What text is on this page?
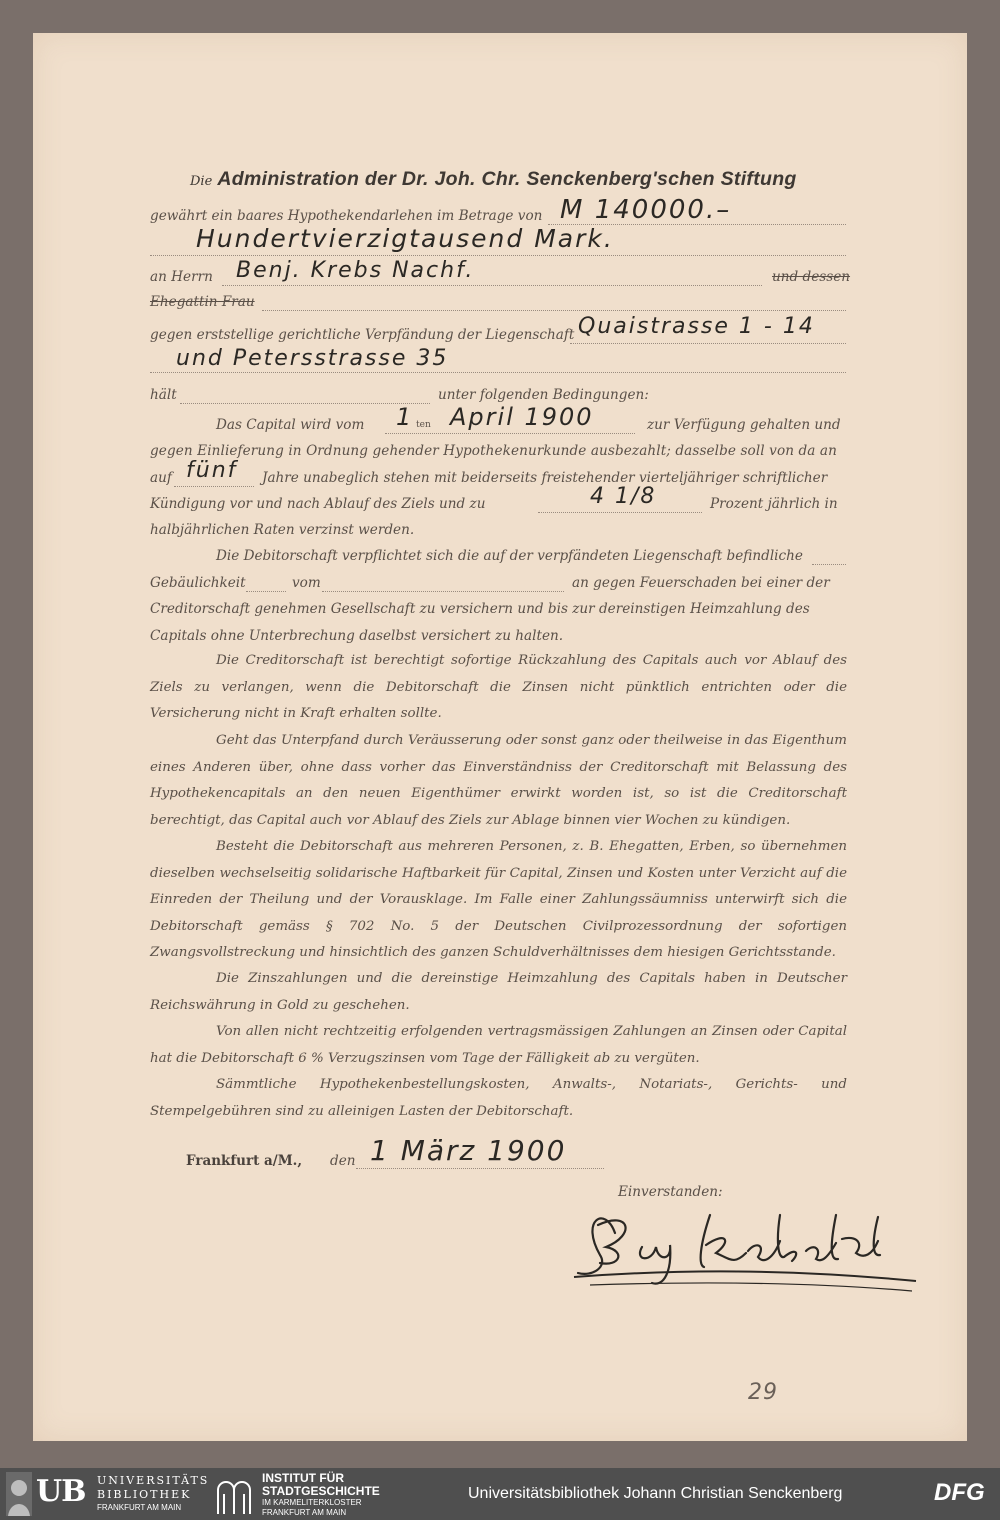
Die Administration der Dr. Joh. Chr. Senckenberg'schen Stiftung
gewährt ein baares Hypothekendarlehen im Betrage von M 140000.–
Hundertvierzigtausend Mark.
an Herrn Benj. Krebs Nachf.	und dessen
Ehegattin Frau
gegen erststellige gerichtliche Verpfändung der Liegenschaft Quaistrasse 1 - 14
und Petersstrasse 35
hält	unter folgenden Bedingungen:
Das Capital wird vom 1 ten April 1900	zur Verfügung gehalten und
gegen Einlieferung in Ordnung gehender Hypothekenurkunde ausbezahlt; dasselbe soll von da an
auf fünf Jahre unabeglich stehen mit beiderseits freistehender vierteljähriger schriftlicher
Kündigung vor und nach Ablauf des Ziels und zu	4 1/8	Prozent jährlich in
halbjährlichen Raten verzinst werden.
Die Debitorschaft verpflichtet sich die auf der verpfändeten Liegenschaft befindliche
Gebäulichkeit	vom	an gegen Feuerschaden bei einer der
Creditorschaft genehmen Gesellschaft zu versichern und bis zur dereinstigen Heimzahlung des
Capitals ohne Unterbrechung daselbst versichert zu halten.

Die Creditorschaft ist berechtigt sofortige Rückzahlung des Capitals auch vor Ablauf des Ziels zu verlangen, wenn die Debitorschaft die Zinsen nicht pünktlich entrichten oder die Versicherung nicht in Kraft erhalten sollte.

Geht das Unterpfand durch Veräusserung oder sonst ganz oder theilweise in das Eigenthum eines Anderen über, ohne dass vorher das Einverständniss der Creditorschaft mit Belassung des Hypothekencapitals an den neuen Eigenthümer erwirkt worden ist, so ist die Creditorschaft berechtigt, das Capital auch vor Ablauf des Ziels zur Ablage binnen vier Wochen zu kündigen.

Besteht die Debitorschaft aus mehreren Personen, z. B. Ehegatten, Erben, so übernehmen dieselben wechselseitig solidarische Haftbarkeit für Capital, Zinsen und Kosten unter Verzicht auf die Einreden der Theilung und der Vorausklage. Im Falle einer Zahlungssäumniss unterwirft sich die Debitorschaft gemäss § 702 No. 5 der Deutschen Civilprozessordnung der sofortigen Zwangsvollstreckung und hinsichtlich des ganzen Schuldverhältnisses dem hiesigen Gerichtsstande.

Die Zinszahlungen und die dereinstige Heimzahlung des Capitals haben in Deutscher Reichswährung in Gold zu geschehen.

Von allen nicht rechtzeitig erfolgenden vertragsmässigen Zahlungen an Zinsen oder Capital hat die Debitorschaft 6 % Verzugszinsen vom Tage der Fälligkeit ab zu vergüten.

Sämmtliche Hypothekenbestellungskosten, Anwalts-, Notariats-, Gerichts- und Stempelgebühren sind zu alleinigen Lasten der Debitorschaft.

Frankfurt a/M., den 1 März 1900
Einverstanden:
29
UB UNIVERSITÄTS
BIBLIOTHEK
FRANKFURT AM MAIN
INSTITUT FÜR
STADTGESCHICHTE
IM KARMELITERKLOSTER
FRANKFURT AM MAIN
Universitätsbibliothek Johann Christian Senckenberg	DFG
